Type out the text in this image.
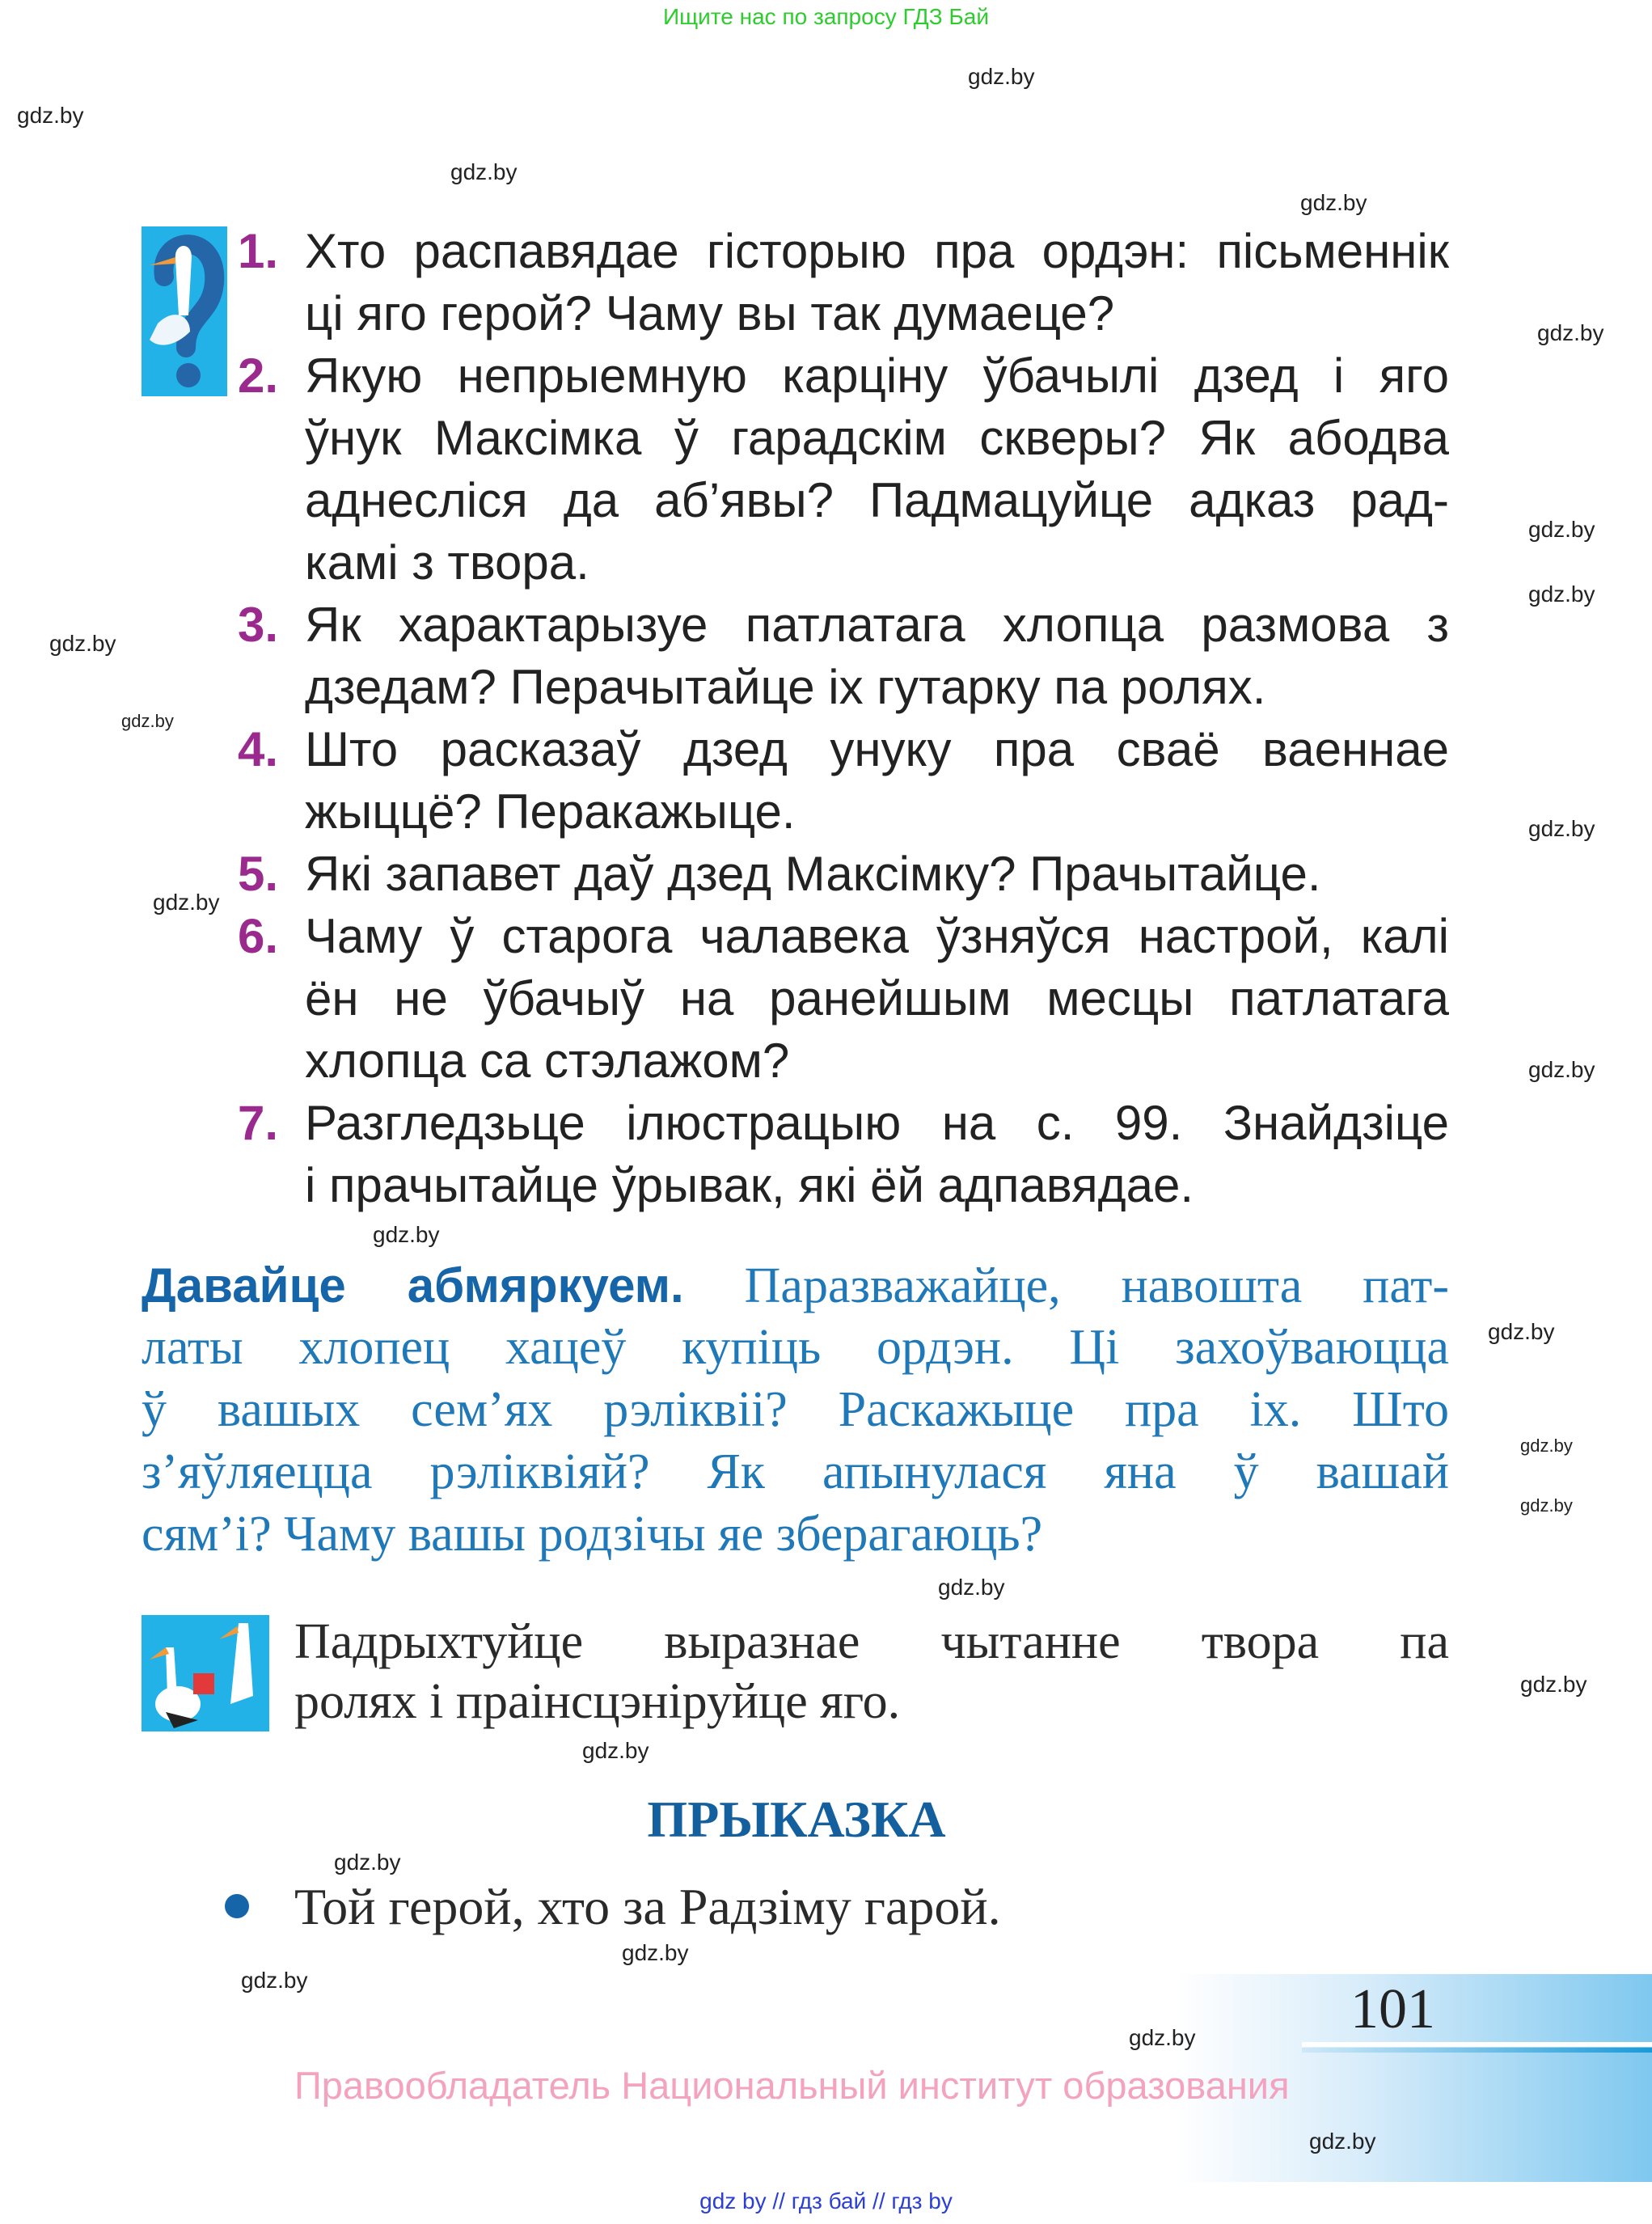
Ищите нас по запросу ГДЗ Бай
1. Хто распавядае гісторыю пра ордэн: пісьменнік
ці яго герой? Чаму вы так думаеце?
2. Якую непрыемную карціну ўбачылі дзед і яго
ўнук Максімка ў гарадскім скверы? Як абодва
аднесліся да аб’явы? Падмацуйце адказ рад-
камі з твора.
3. Як характарызуе патлатага хлопца размова з
дзедам? Перачытайце іх гутарку па ролях.
4. Што расказаў дзед унуку пра сваё ваеннае
жыццё? Перакажыце.
5. Які запавет даў дзед Максімку? Прачытайце.
6. Чаму ў старога чалавека ўзняўся настрой, калі
ён не ўбачыў на ранейшым месцы патлатага
хлопца са стэлажом?
7. Разгледзьце ілюстрацыю на с. 99. Знайдзіце
і прачытайце ўрывак, які ёй адпавядае.
Давайце абмяркуем. Паразважайце, навошта пат-
латы хлопец хацеў купіць ордэн. Ці захоўваюцца
ў вашых сем’ях рэліквіі? Раскажыце пра іх. Што
з’яўляецца рэліквіяй? Як апынулася яна ў вашай
сям’і? Чаму вашы родзічы яе зберагаюць?
Падрыхтуйце выразнае чытанне твора па
ролях і праінсцэніруйце яго.
ПРЫКАЗКА
Той герой, хто за Радзіму гарой.
101
Правообладатель Национальный институт образования
gdz by // гдз бай // гдз by
gdz.by
gdz.by
gdz.by
gdz.by
gdz.by
gdz.by
gdz.by
gdz.by
gdz.by
gdz.by
gdz.by
gdz.by
gdz.by
gdz.by
gdz.by
gdz.by
gdz.by
gdz.by
gdz.by
gdz.by
gdz.by
gdz.by
gdz.by
gdz.by
